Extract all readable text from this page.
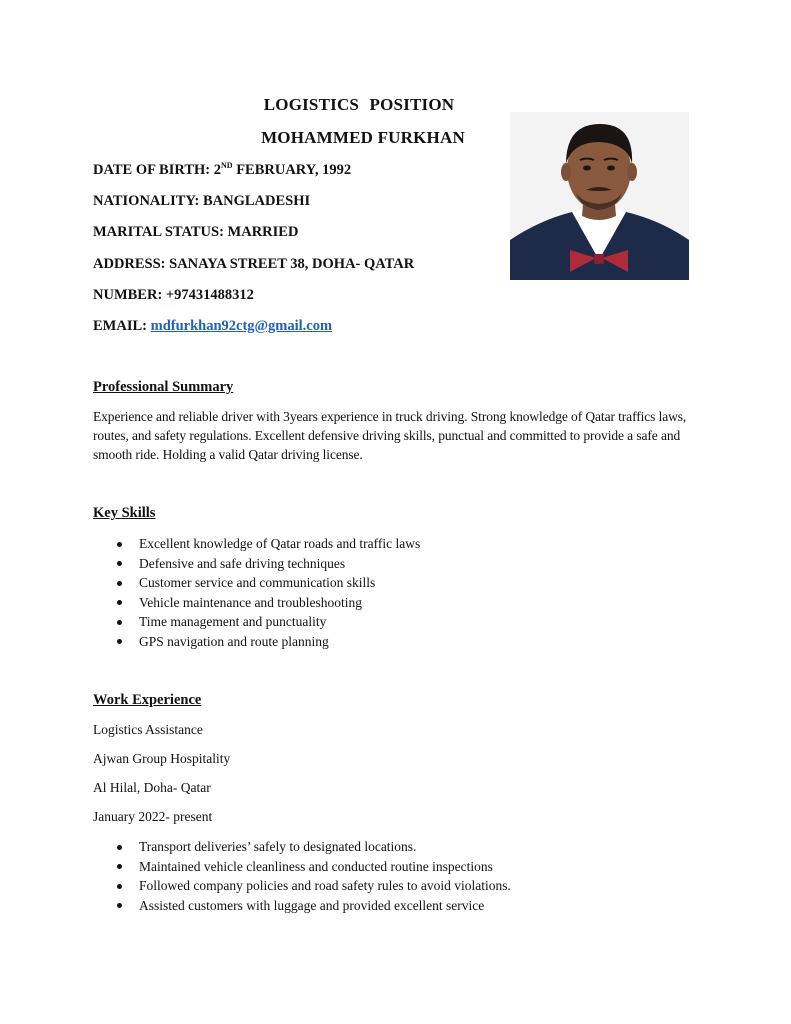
LOGISTICS POSITION
MOHAMMED FURKHAN
DATE OF BIRTH: 2ND FEBRUARY, 1992
NATIONALITY: BANGLADESHI
MARITAL STATUS: MARRIED
ADDRESS: SANAYA STREET 38, DOHA- QATAR
NUMBER: +97431488312
EMAIL: mdfurkhan92ctg@gmail.com
Professional Summary
Experience and reliable driver with 3years experience in truck driving. Strong knowledge of Qatar traffics laws, routes, and safety regulations. Excellent defensive driving skills, punctual and committed to provide a safe and smooth ride. Holding a valid Qatar driving license.
Key Skills
Excellent knowledge of Qatar roads and traffic laws
Defensive and safe driving techniques
Customer service and communication skills
Vehicle maintenance and troubleshooting
Time management and punctuality
GPS navigation and route planning
Work Experience
Logistics Assistance
Ajwan Group Hospitality
Al Hilal, Doha- Qatar
January 2022- present
Transport deliveries’ safely to designated locations.
Maintained vehicle cleanliness and conducted routine inspections
Followed company policies and road safety rules to avoid violations.
Assisted customers with luggage and provided excellent service
